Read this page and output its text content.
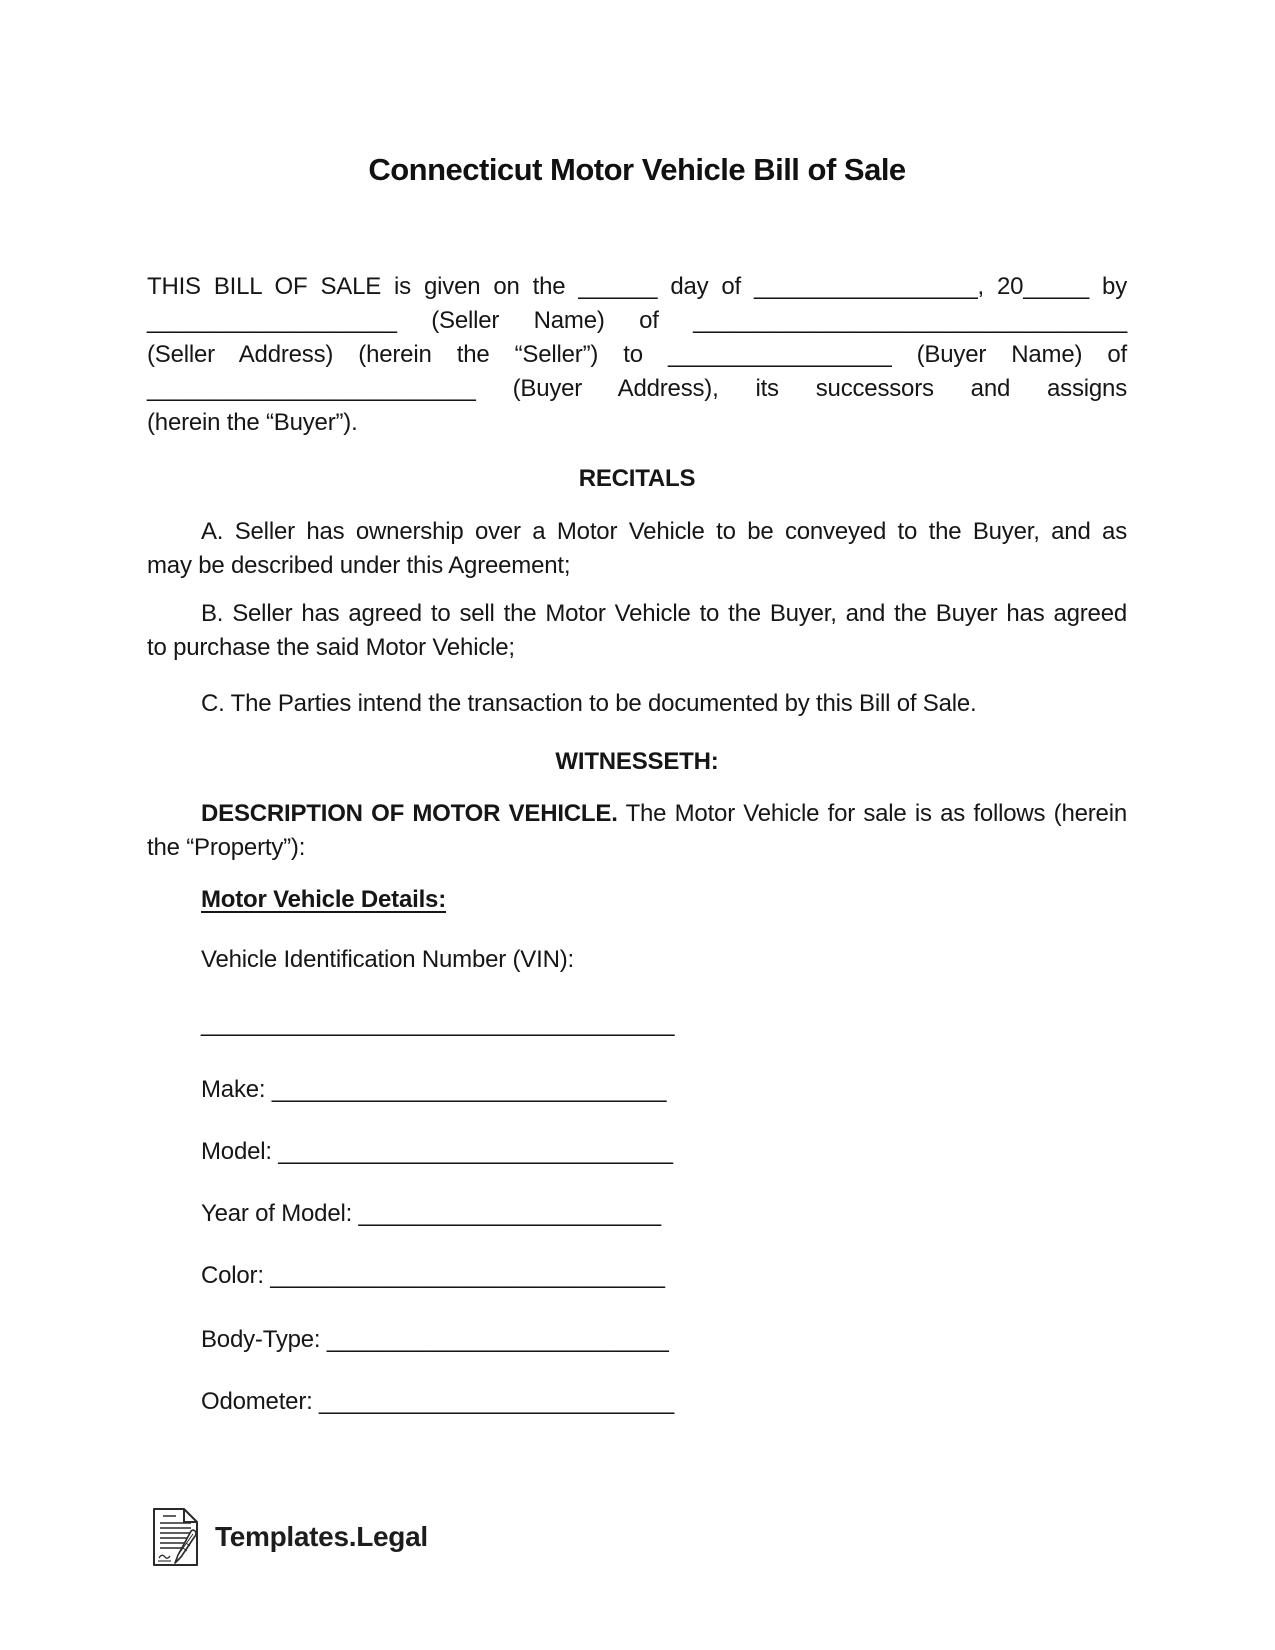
Connecticut Motor Vehicle Bill of Sale
THIS BILL OF SALE is given on the ______ day of _________________, 20_____ by
___________________ (Seller Name) of _________________________________
(Seller Address) (herein the “Seller”) to _________________ (Buyer Name) of
_________________________ (Buyer Address), its successors and assigns
(herein the “Buyer”).
RECITALS
A. Seller has ownership over a Motor Vehicle to be conveyed to the Buyer, and as
may be described under this Agreement;
B. Seller has agreed to sell the Motor Vehicle to the Buyer, and the Buyer has agreed
to purchase the said Motor Vehicle;
C. The Parties intend the transaction to be documented by this Bill of Sale.
WITNESSETH:
DESCRIPTION OF MOTOR VEHICLE. The Motor Vehicle for sale is as follows (herein
the “Property”):
Motor Vehicle Details:
Vehicle Identification Number (VIN):
____________________________________
Make: ______________________________
Model: ______________________________
Year of Model: _______________________
Color: ______________________________
Body-Type: __________________________
Odometer: ___________________________
Templates.Legal
